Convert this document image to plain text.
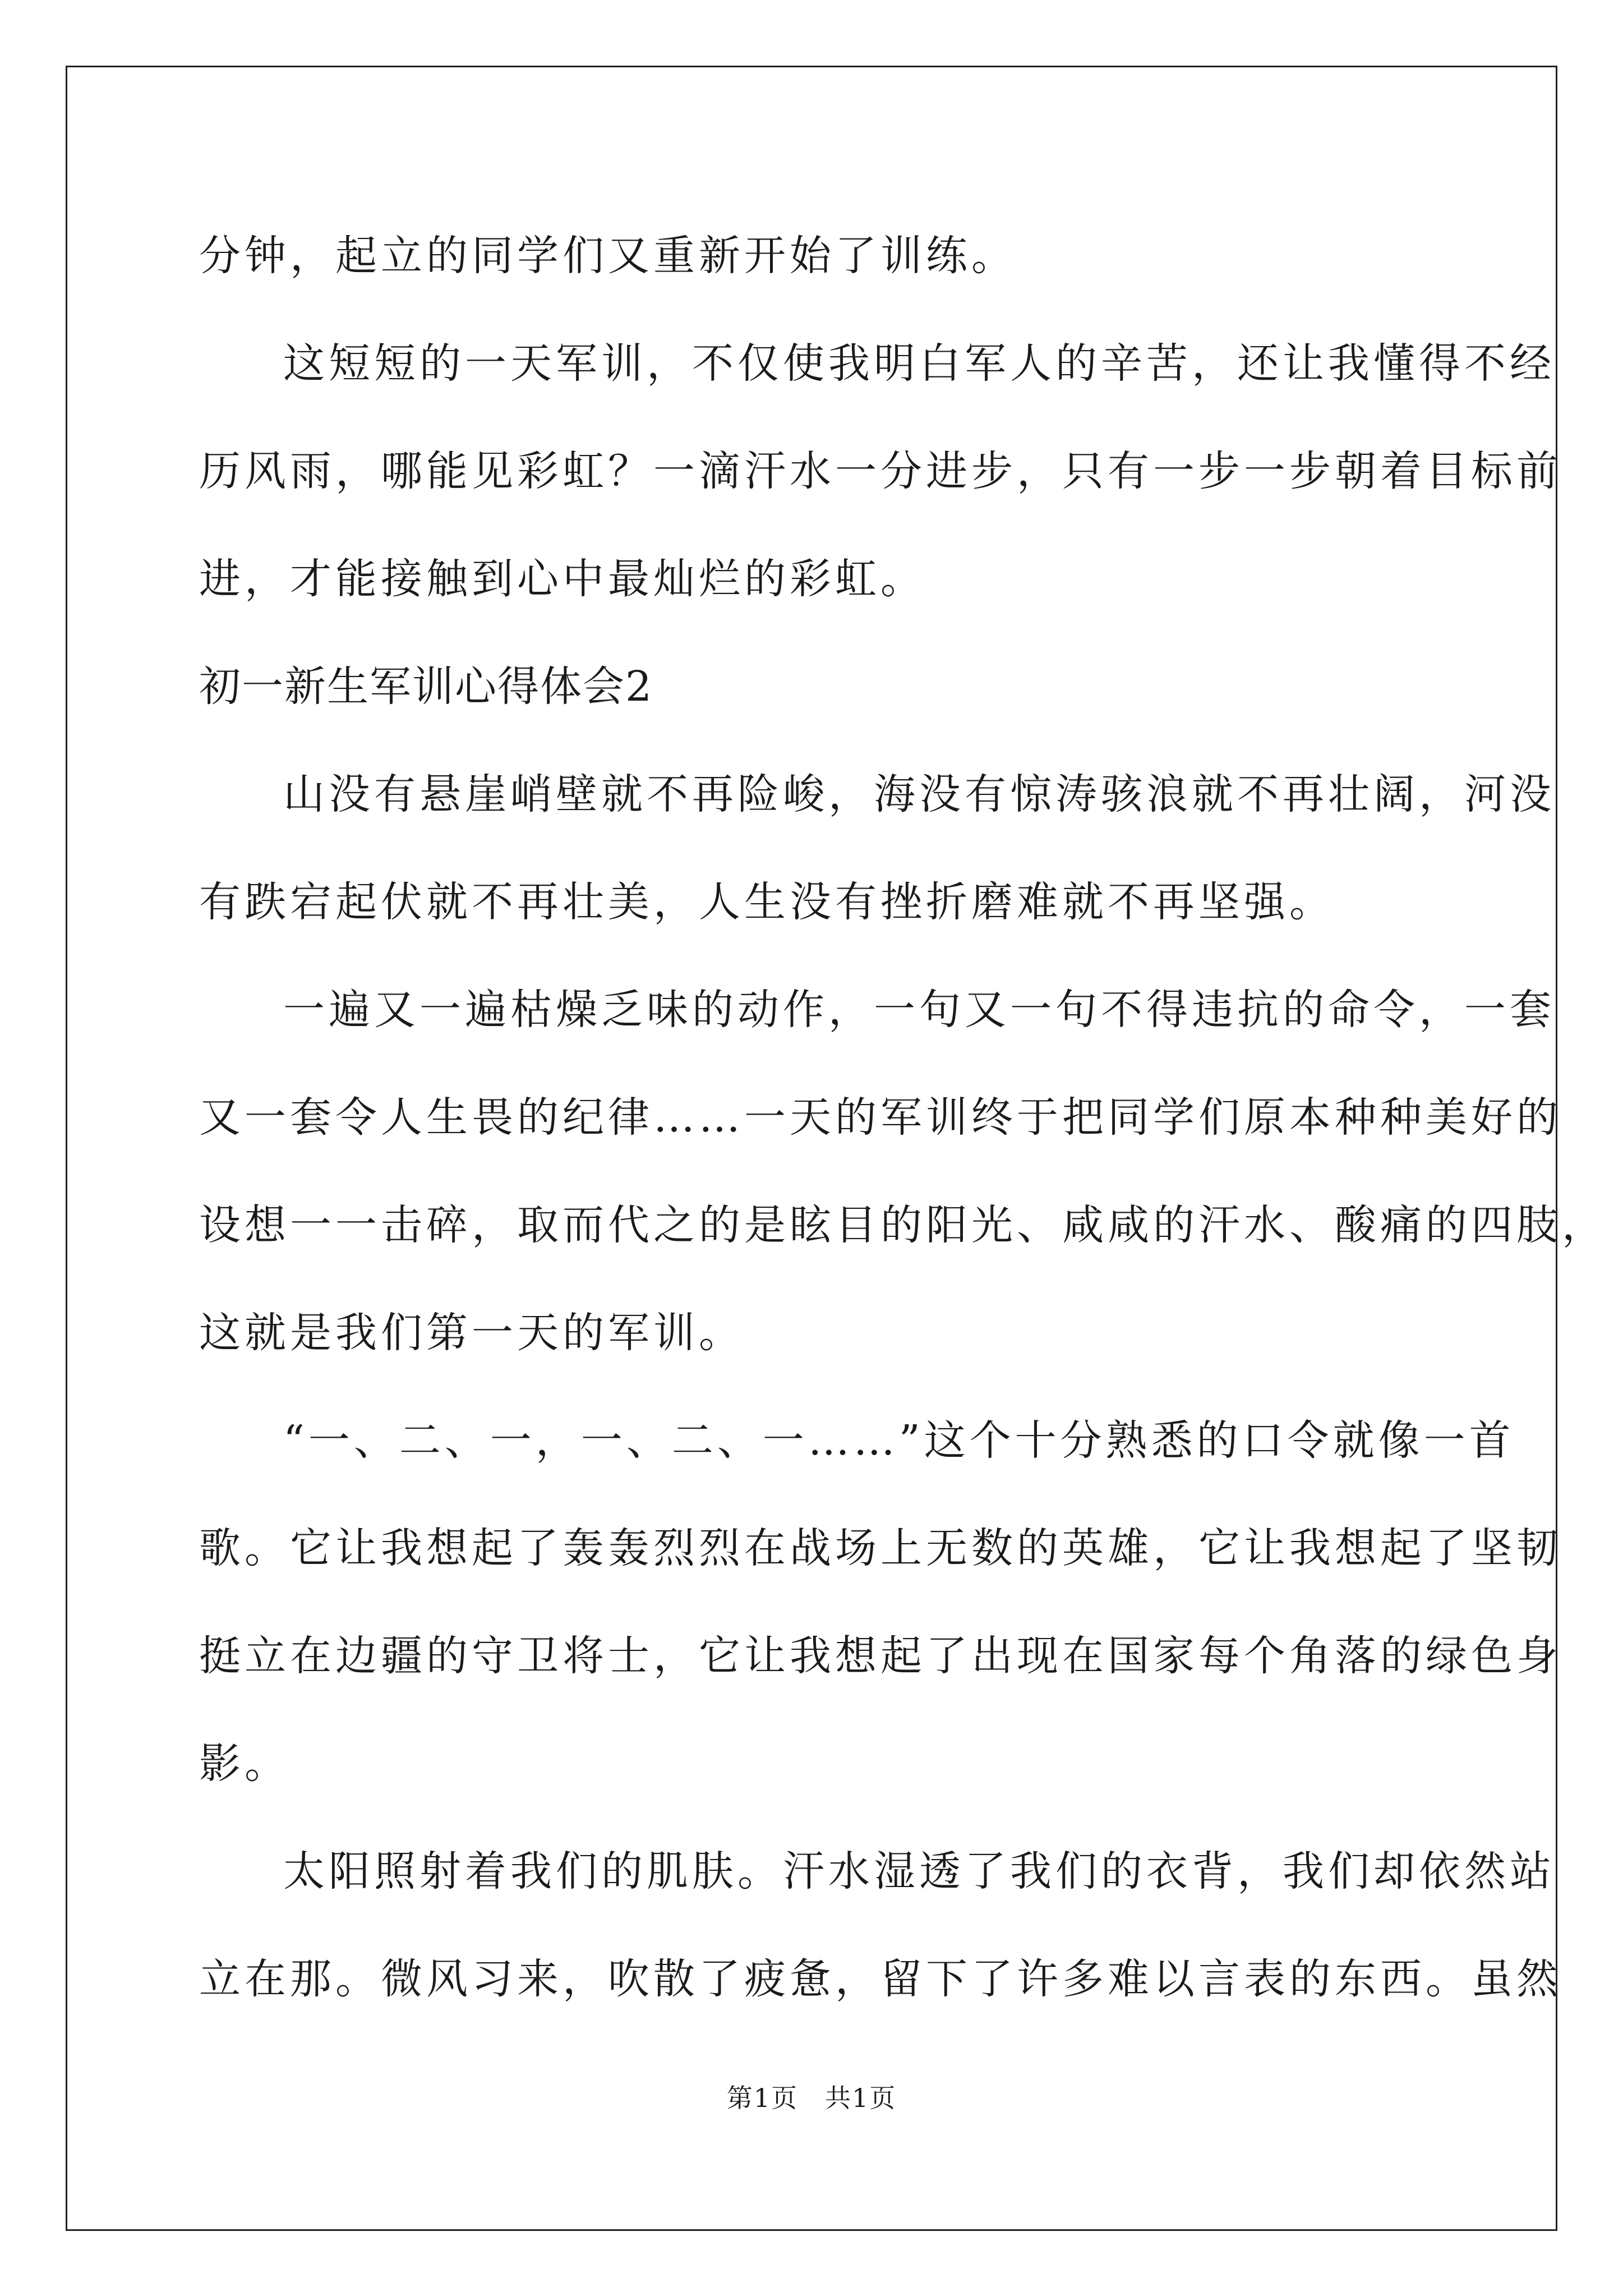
分钟，起立的同学们又重新开始了训练。
这短短的一天军训，不仅使我明白军人的辛苦，还让我懂得不经
历风雨，哪能见彩虹？一滴汗水一分进步，只有一步一步朝着目标前
进，才能接触到心中最灿烂的彩虹。
初一新生军训心得体会2
山没有悬崖峭壁就不再险峻，海没有惊涛骇浪就不再壮阔，河没
有跌宕起伏就不再壮美，人生没有挫折磨难就不再坚强。
一遍又一遍枯燥乏味的动作，一句又一句不得违抗的命令，一套
又一套令人生畏的纪律……一天的军训终于把同学们原本种种美好的
设想一一击碎，取而代之的是眩目的阳光、咸咸的汗水、酸痛的四肢，
这就是我们第一天的军训。
“一、二、一，一、二、一……”这个十分熟悉的口令就像一首
歌。它让我想起了轰轰烈烈在战场上无数的英雄，它让我想起了坚韧
挺立在边疆的守卫将士，它让我想起了出现在国家每个角落的绿色身
影。
太阳照射着我们的肌肤。汗水湿透了我们的衣背，我们却依然站
立在那。微风习来，吹散了疲惫，留下了许多难以言表的东西。虽然
第1页　共1页
